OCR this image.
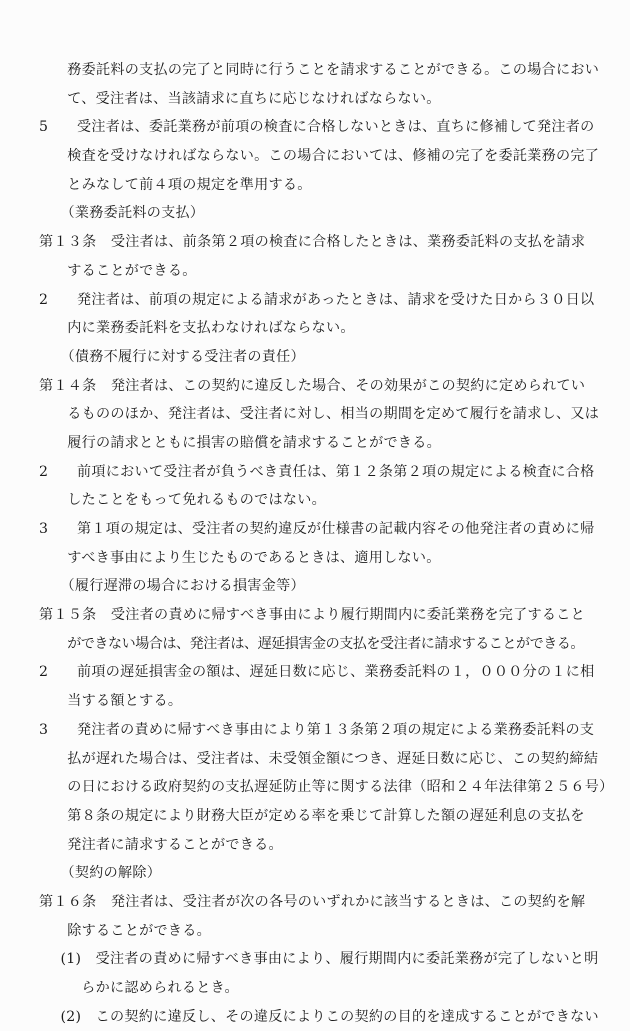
務委託料の支払の完了と同時に行うことを請求することができる。この場合におい
て、受注者は、当該請求に直ちに応じなければならない。
5　　受注者は、委託業務が前項の検査に合格しないときは、直ちに修補して発注者の
検査を受けなければならない。この場合においては、修補の完了を委託業務の完了
とみなして前４項の規定を準用する。
（業務委託料の支払）
第１３条　受注者は、前条第２項の検査に合格したときは、業務委託料の支払を請求
することができる。
2　　発注者は、前項の規定による請求があったときは、請求を受けた日から３０日以
内に業務委託料を支払わなければならない。
（債務不履行に対する受注者の責任）
第１４条　発注者は、この契約に違反した場合、その効果がこの契約に定められてい
るもののほか、発注者は、受注者に対し、相当の期間を定めて履行を請求し、又は
履行の請求とともに損害の賠償を請求することができる。
2　　前項において受注者が負うべき責任は、第１２条第２項の規定による検査に合格
したことをもって免れるものではない。
3　　第１項の規定は、受注者の契約違反が仕様書の記載内容その他発注者の責めに帰
すべき事由により生じたものであるときは、適用しない。
（履行遅滞の場合における損害金等）
第１５条　受注者の責めに帰すべき事由により履行期間内に委託業務を完了すること
ができない場合は、発注者は、遅延損害金の支払を受注者に請求することができる。
2　　前項の遅延損害金の額は、遅延日数に応じ、業務委託料の１，０００分の１に相
当する額とする。
3　　発注者の責めに帰すべき事由により第１３条第２項の規定による業務委託料の支
払が遅れた場合は、受注者は、未受領金額につき、遅延日数に応じ、この契約締結
の日における政府契約の支払遅延防止等に関する法律（昭和２４年法律第２５６号）
第８条の規定により財務大臣が定める率を乗じて計算した額の遅延利息の支払を
発注者に請求することができる。
（契約の解除）
第１６条　発注者は、受注者が次の各号のいずれかに該当するときは、この契約を解
除することができる。
(1)　受注者の責めに帰すべき事由により、履行期間内に委託業務が完了しないと明
らかに認められるとき。
(2)　この契約に違反し、その違反によりこの契約の目的を達成することができない
